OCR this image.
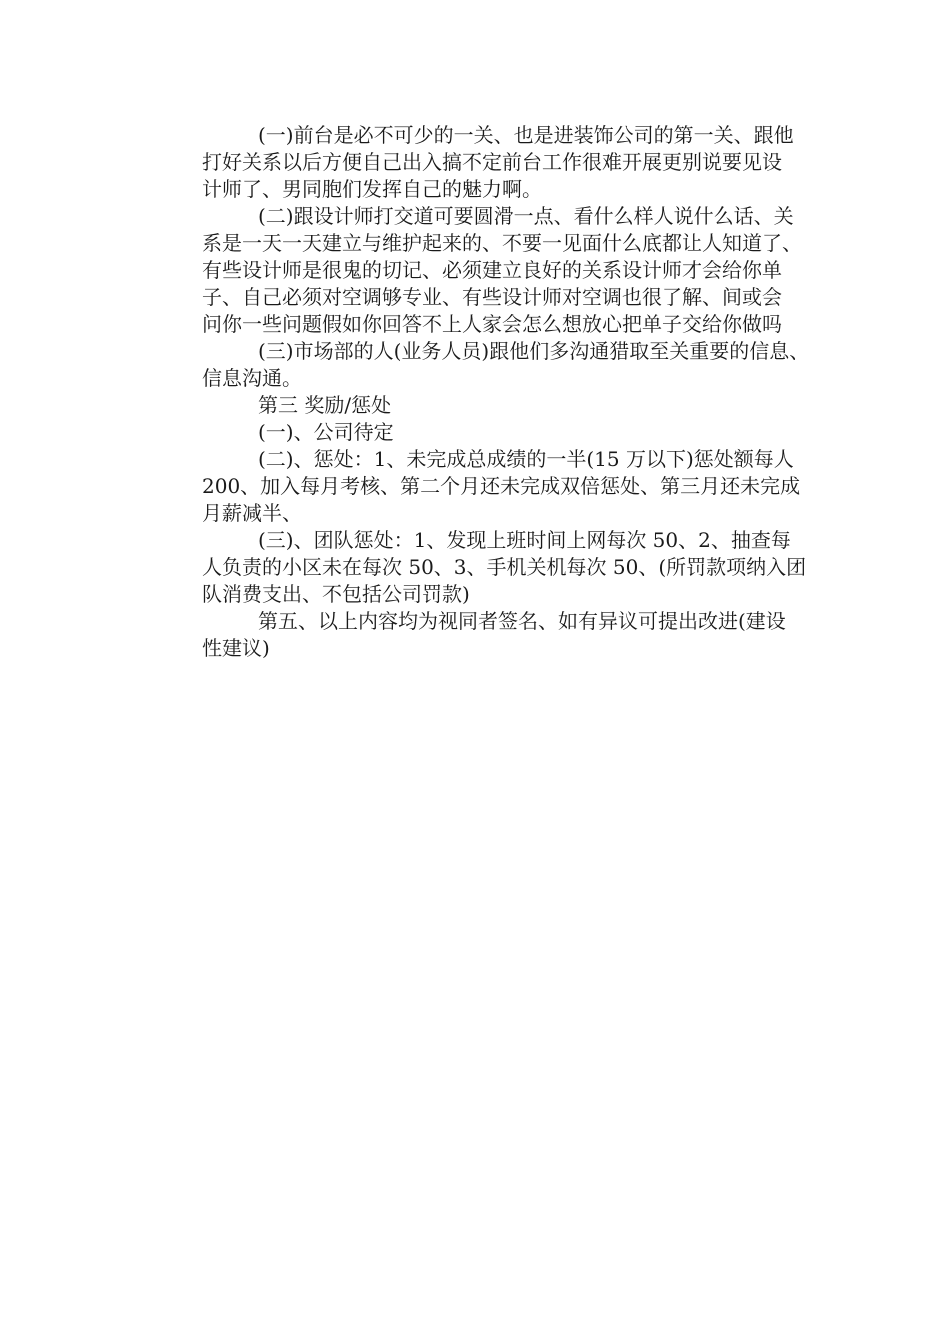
(一)前台是必不可少的一关、也是进装饰公司的第一关、跟他
打好关系以后方便自己出入搞不定前台工作很难开展更别说要见设
计师了、男同胞们发挥自己的魅力啊。
(二)跟设计师打交道可要圆滑一点、看什么样人说什么话、关
系是一天一天建立与维护起来的、不要一见面什么底都让人知道了、
有些设计师是很鬼的切记、必须建立良好的关系设计师才会给你单
子、自己必须对空调够专业、有些设计师对空调也很了解、间或会
问你一些问题假如你回答不上人家会怎么想放心把单子交给你做吗
(三)市场部的人(业务人员)跟他们多沟通猎取至关重要的信息、
信息沟通。
第三 奖励/惩处
(一)、公司待定
(二)、惩处：1、未完成总成绩的一半(15 万以下)惩处额每人
200、加入每月考核、第二个月还未完成双倍惩处、第三月还未完成
月薪减半、
(三)、团队惩处：1、发现上班时间上网每次 50、2、抽查每
人负责的小区未在每次 50、3、手机关机每次 50、(所罚款项纳入团
队消费支出、不包括公司罚款)
第五、以上内容均为视同者签名、如有异议可提出改进(建设
性建议)
